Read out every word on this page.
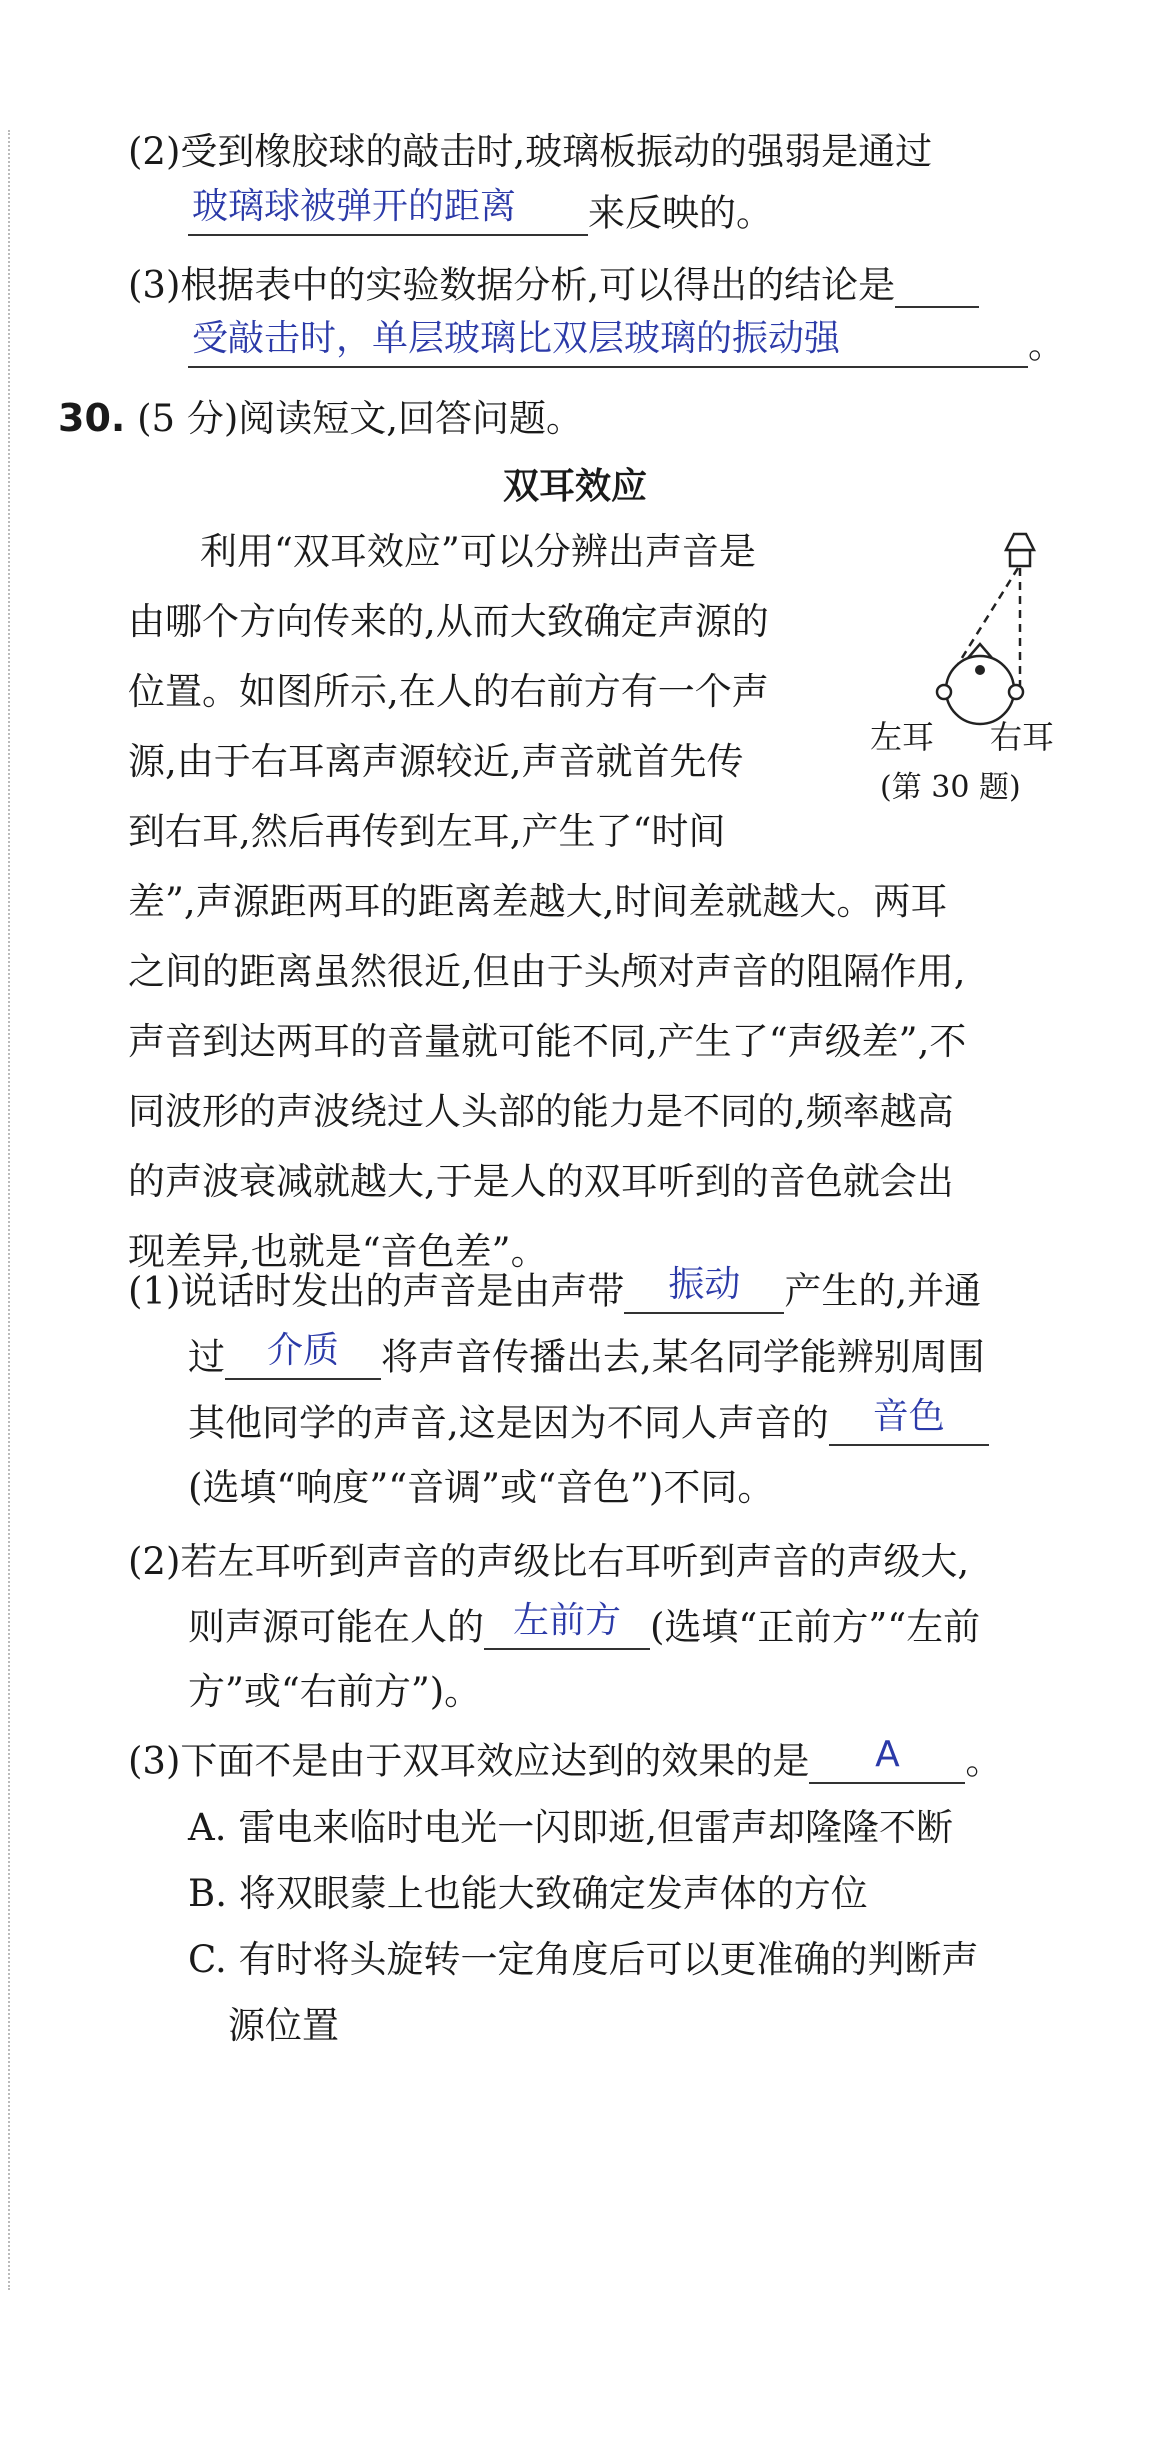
(2)受到橡胶球的敲击时,玻璃板振动的强弱是通过
玻璃球被弹开的距离	来反映的。
(3)根据表中的实验数据分析,可以得出的结论是
受敲击时，单层玻璃比双层玻璃的振动强	。
30. (5 分)阅读短文,回答问题。
双耳效应
利用“双耳效应”可以分辨出声音是
由哪个方向传来的,从而大致确定声源的
位置。如图所示,在人的右前方有一个声
源,由于右耳离声源较近,声音就首先传
到右耳,然后再传到左耳,产生了“时间
差”,声源距两耳的距离差越大,时间差就越大。两耳
之间的距离虽然很近,但由于头颅对声音的阻隔作用,
声音到达两耳的音量就可能不同,产生了“声级差”,不
同波形的声波绕过人头部的能力是不同的,频率越高
的声波衰减就越大,于是人的双耳听到的音色就会出
现差异,也就是“音色差”。
左耳 右耳
(第 30 题)
(1)说话时发出的声音是由声带	振动	产生的,并通
过	介质	将声音传播出去,某名同学能辨别周围
其他同学的声音,这是因为不同人声音的	音色
(选填“响度”“音调”或“音色”)不同。
(2)若左耳听到声音的声级比右耳听到声音的声级大,
则声源可能在人的 左前方 (选填“正前方”“左前
方”或“右前方”)。
(3)下面不是由于双耳效应达到的效果的是	A	。
A. 雷电来临时电光一闪即逝,但雷声却隆隆不断
B. 将双眼蒙上也能大致确定发声体的方位
C. 有时将头旋转一定角度后可以更准确的判断声
源位置
